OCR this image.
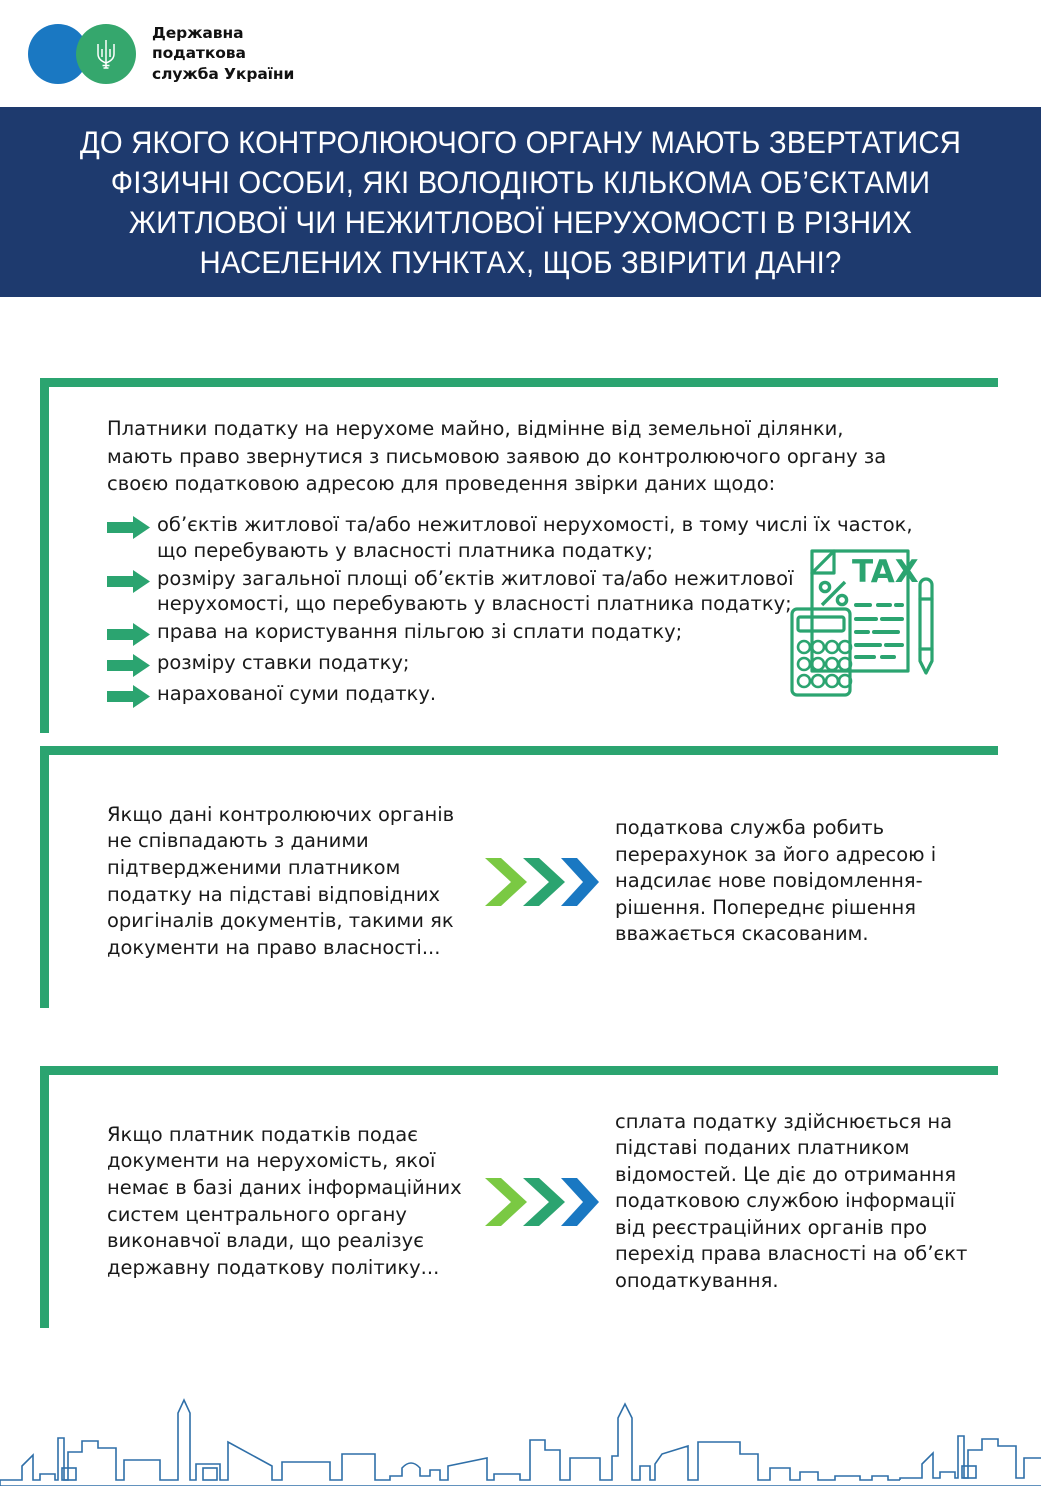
Державна
податкова
служба України
ДО ЯКОГО КОНТРОЛЮЮЧОГО ОРГАНУ МАЮТЬ ЗВЕРТАТИСЯ ФІЗИЧНІ ОСОБИ, ЯКІ ВОЛОДІЮТЬ КІЛЬКОМА ОБ’ЄКТАМИ ЖИТЛОВОЇ ЧИ НЕЖИТЛОВОЇ НЕРУХОМОСТІ В РІЗНИХ НАСЕЛЕНИХ ПУНКТАХ, ЩОБ ЗВІРИТИ ДАНІ?

Платники податку на нерухоме майно, відмінне від земельної ділянки, мають право звернутися з письмовою заявою до контролюючого органу за своєю податковою адресою для проведення звірки даних щодо:

об’єктів житлової та/або нежитлової нерухомості, в тому числі їх часток, що перебувають у власності платника податку;
розміру загальної площі об’єктів житлової та/або нежитлової нерухомості, що перебувають у власності платника податку;
права на користування пільгою зі сплати податку;
розміру ставки податку;
нарахованої суми податку.
TAX
Якщо дані контролюючих органів не співпадають з даними підтвердженими платником податку на підставі відповідних оригіналів документів, такими як документи на право власності...
податкова служба робить перерахунок за його адресою і надсилає нове повідомлення-рішення. Попереднє рішення вважається скасованим.
Якщо платник податків подає документи на нерухомість, якої немає в базі даних інформаційних систем центрального органу виконавчої влади, що реалізує державну податкову політику...
сплата податку здійснюється на підставі поданих платником відомостей. Це діє до отримання податковою службою інформації від реєстраційних органів про перехід права власності на об’єкт оподаткування.
